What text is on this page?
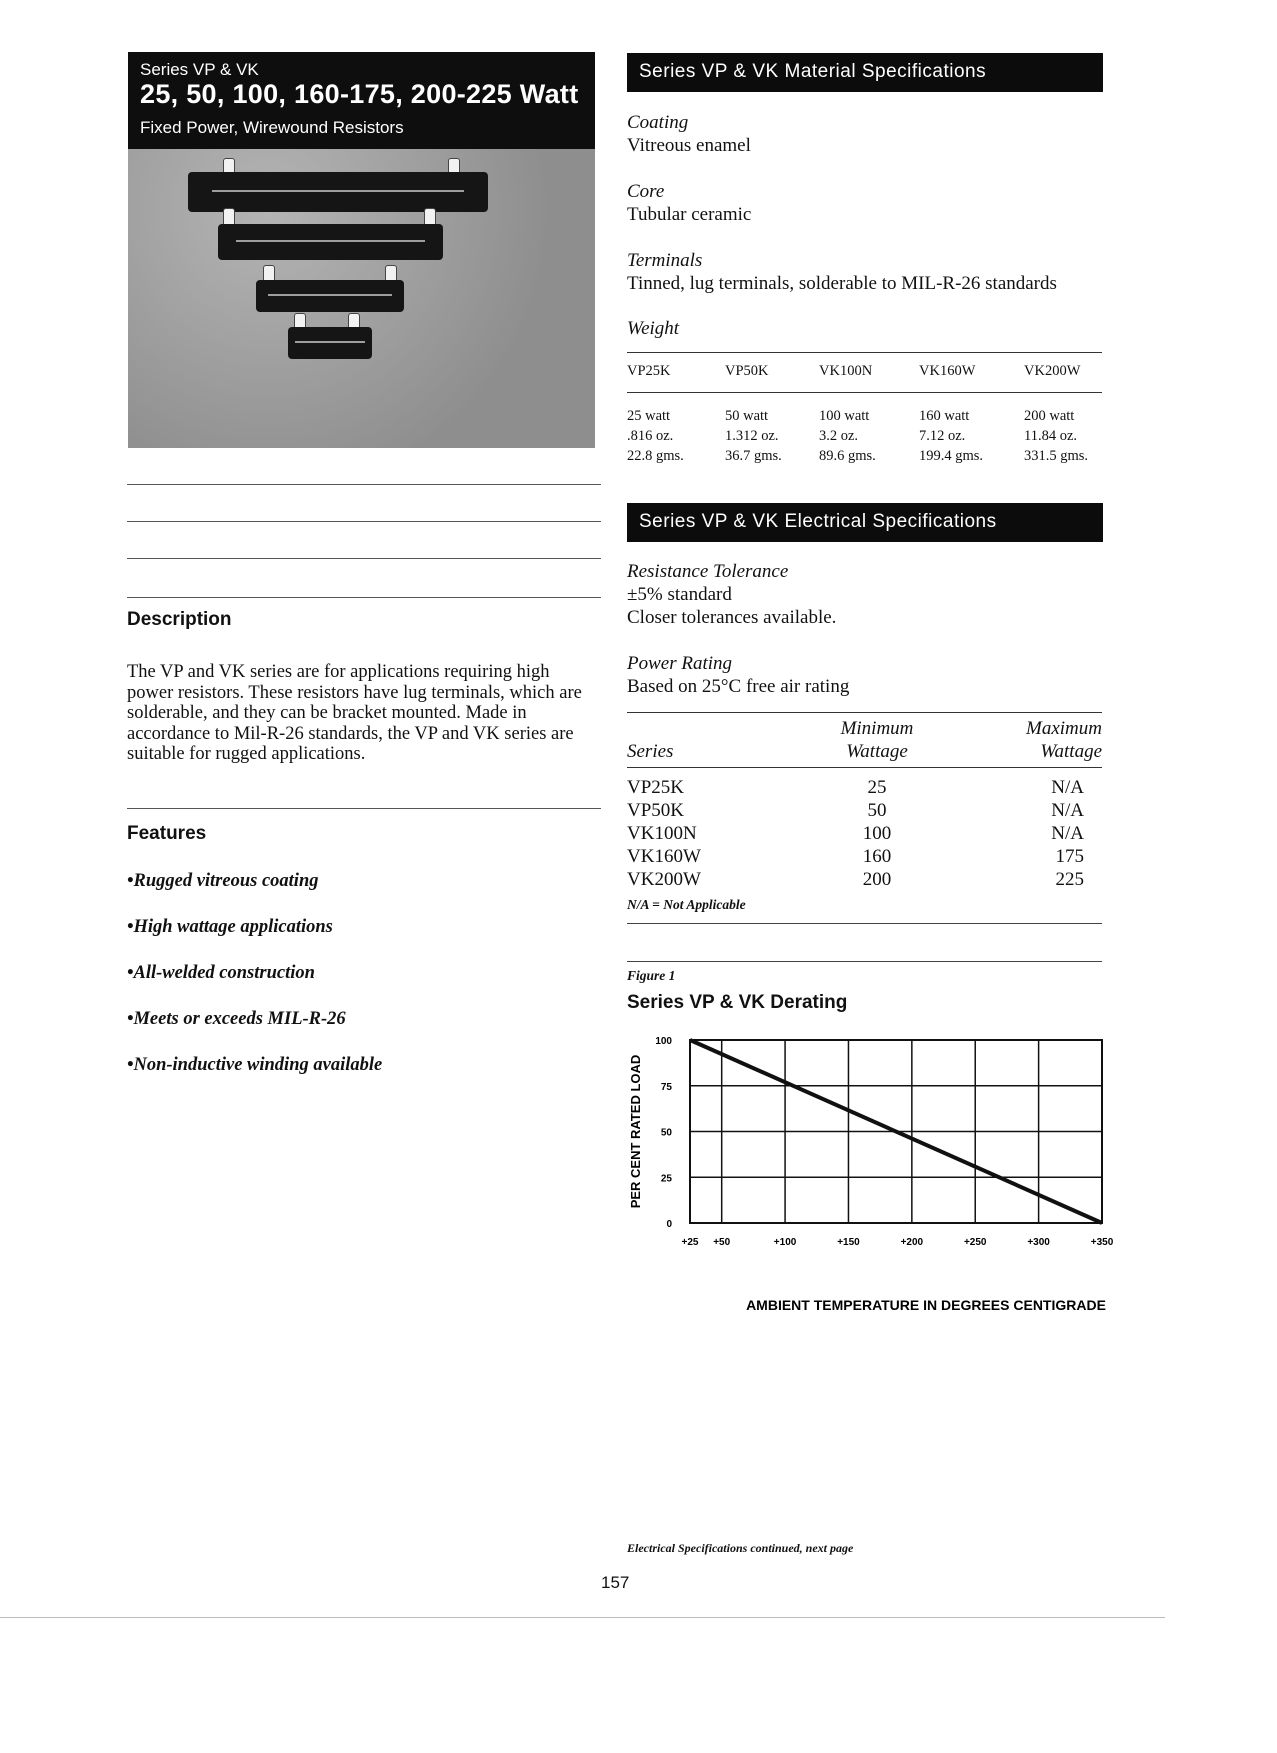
Series VP & VK
25, 50, 100, 160-175, 200-225 Watt
Fixed Power, Wirewound Resistors
Description
The VP and VK series are for applications requiring high power resistors. These resistors have lug terminals, which are solderable, and they can be bracket mounted. Made in accordance to Mil-R-26 standards, the VP and VK series are suitable for rugged applications.
Features
•Rugged vitreous coating
•High wattage applications
•All-welded construction
•Meets or exceeds MIL-R-26
•Non-inductive winding available
Series VP & VK Material Specifications
Coating
Vitreous enamel
Core
Tubular ceramic
Terminals
Tinned, lug terminals, solderable to MIL-R-26 standards
Weight
VP25K	VP50K	VK100N	VK160W	VK200W

25 watt	50 watt	100 watt	160 watt	200 watt
.816 oz.	1.312 oz.	3.2 oz.	7.12 oz.	11.84 oz.
22.8 gms.	36.7 gms.	89.6 gms.	199.4 gms.	331.5 gms.
Series VP & VK Electrical Specifications
Resistance Tolerance
±5% standard
Closer tolerances available.
Power Rating
Based on 25°C free air rating
	Minimum	Maximum
Series	Wattage	Wattage
VP25K	25	N/A
VP50K	50	N/A
VK100N	100	N/A
VK160W	160	175
VK200W	200	225
N/A = Not Applicable
Figure 1
Series VP & VK Derating
+25 +50	+100	+150	+200	+250	+300	+350
100
75
50
25
0
PER CENT RATED LOAD
AMBIENT TEMPERATURE IN DEGREES CENTIGRADE
Electrical Specifications continued, next page
157
